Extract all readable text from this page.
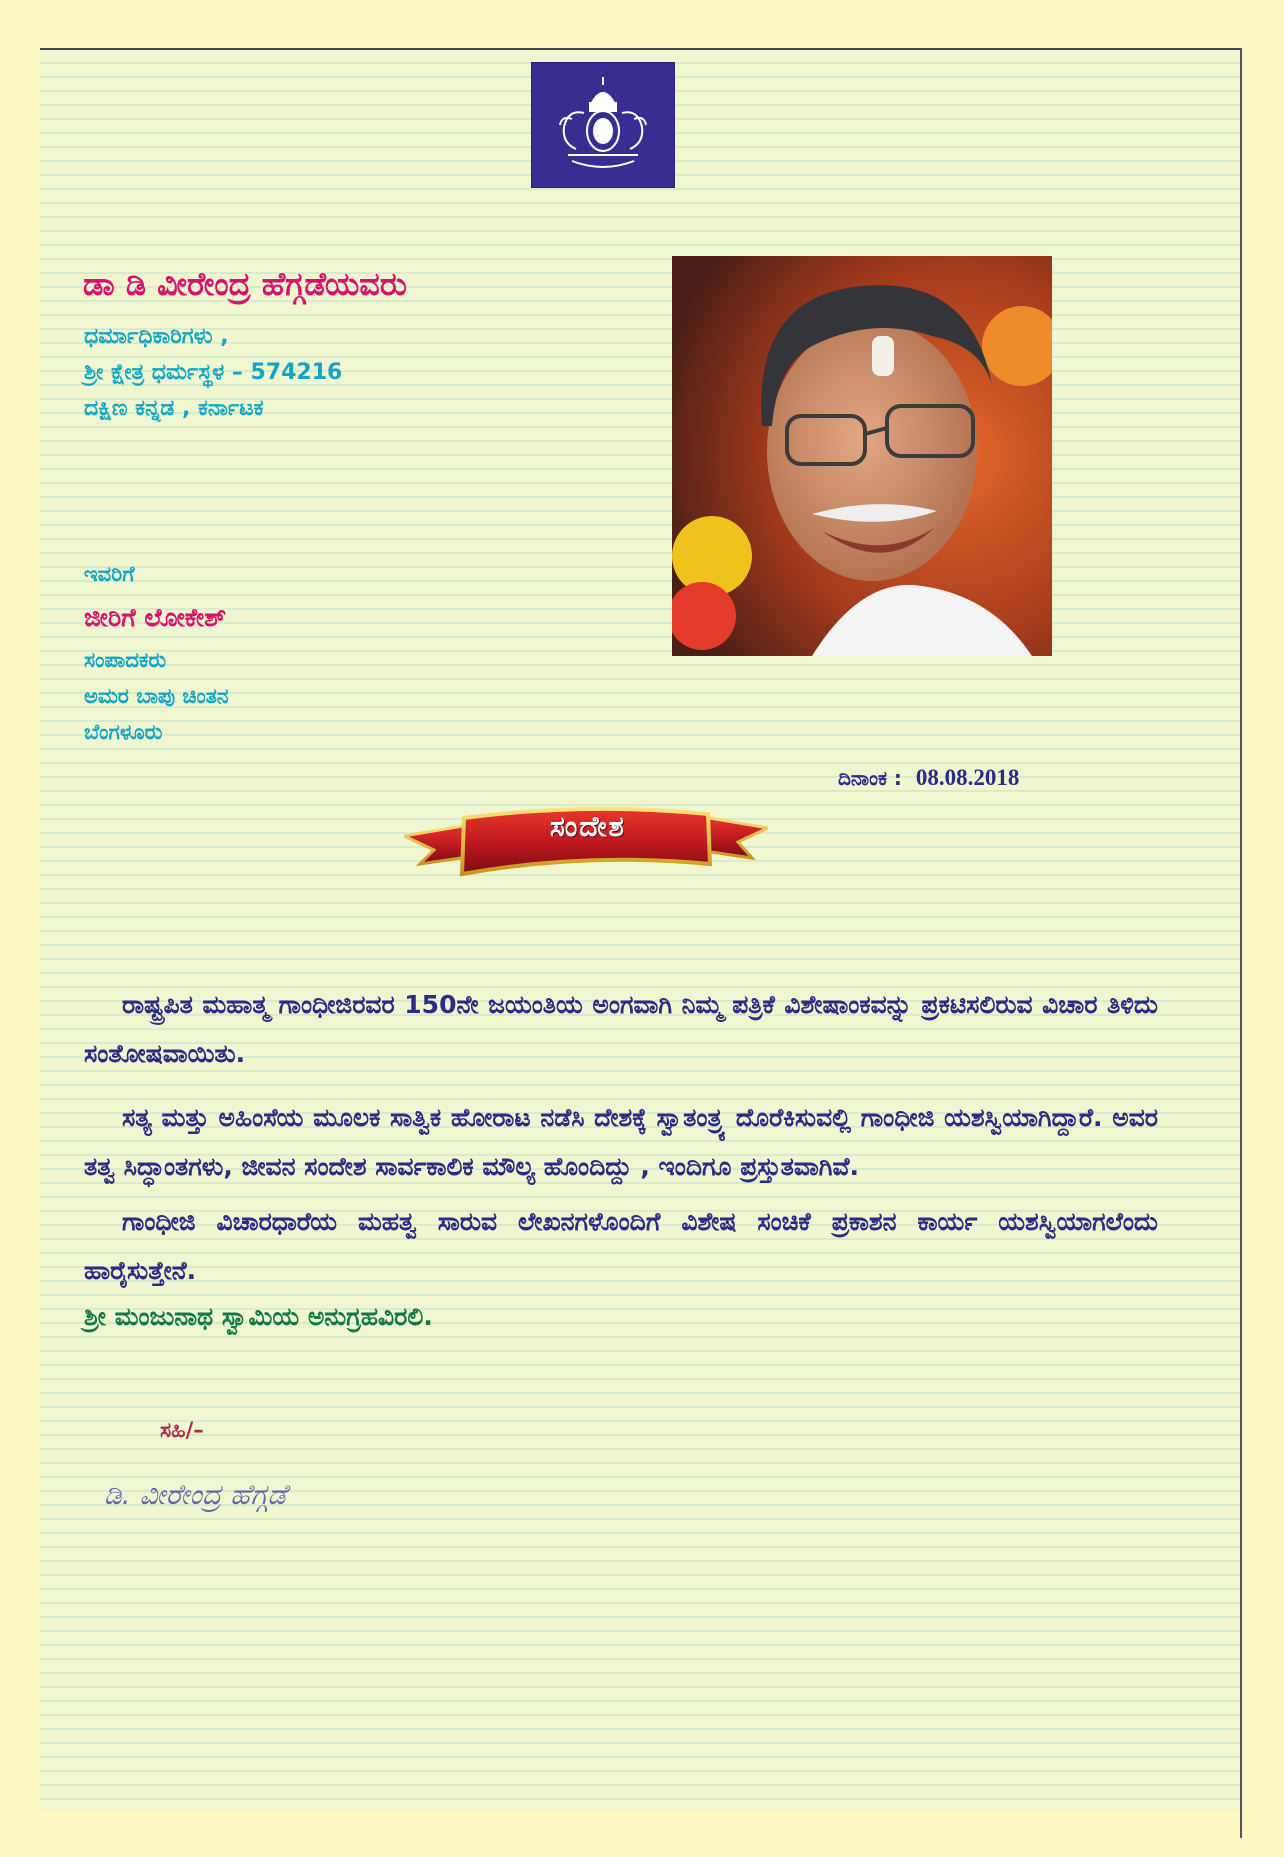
ಡಾ ಡಿ ವೀರೇಂದ್ರ ಹೆಗ್ಗಡೆಯವರು
ಧರ್ಮಾಧಿಕಾರಿಗಳು ,
ಶ್ರೀ ಕ್ಷೇತ್ರ ಧರ್ಮಸ್ಥಳ – 574216
ದಕ್ಷಿಣ ಕನ್ನಡ , ಕರ್ನಾಟಕ
ಇವರಿಗೆ
ಜೀರಿಗೆ ಲೋಕೇಶ್
ಸಂಪಾದಕರು
ಅಮರ ಬಾಪು ಚಿಂತನ
ಬೆಂಗಳೂರು
ದಿನಾಂಕ : 08.08.2018
ಸಂದೇಶ

ರಾಷ್ಟ್ರಪಿತ ಮಹಾತ್ಮ ಗಾಂಧೀಜಿರವರ 150ನೇ ಜಯಂತಿಯ ಅಂಗವಾಗಿ ನಿಮ್ಮ ಪತ್ರಿಕೆ ವಿಶೇಷಾಂಕವನ್ನು ಪ್ರಕಟಿಸಲಿರುವ ವಿಚಾರ ತಿಳಿದು ಸಂತೋಷವಾಯಿತು.

ಸತ್ಯ ಮತ್ತು ಅಹಿಂಸೆಯ ಮೂಲಕ ಸಾತ್ವಿಕ ಹೋರಾಟ ನಡೆಸಿ ದೇಶಕ್ಕೆ ಸ್ವಾತಂತ್ರ್ಯ ದೊರೆಕಿಸುವಲ್ಲಿ ಗಾಂಧೀಜಿ ಯಶಸ್ವಿಯಾಗಿದ್ದಾರೆ. ಅವರ ತತ್ವ ಸಿದ್ಧಾಂತಗಳು, ಜೀವನ ಸಂದೇಶ ಸಾರ್ವಕಾಲಿಕ ಮೌಲ್ಯ ಹೊಂದಿದ್ದು , ಇಂದಿಗೂ ಪ್ರಸ್ತುತವಾಗಿವೆ.

ಗಾಂಧೀಜಿ ವಿಚಾರಧಾರೆಯ ಮಹತ್ವ ಸಾರುವ ಲೇಖನಗಳೊಂದಿಗೆ ವಿಶೇಷ ಸಂಚಿಕೆ ಪ್ರಕಾಶನ ಕಾರ್ಯ ಯಶಸ್ವಿಯಾಗಲೆಂದು ಹಾರೈಸುತ್ತೇನೆ.

ಶ್ರೀ ಮಂಜುನಾಥ ಸ್ವಾಮಿಯ ಅನುಗ್ರಹವಿರಲಿ.

ಸಹಿ/–
ಡಿ. ವೀರೇಂದ್ರ ಹೆಗ್ಗಡೆ
